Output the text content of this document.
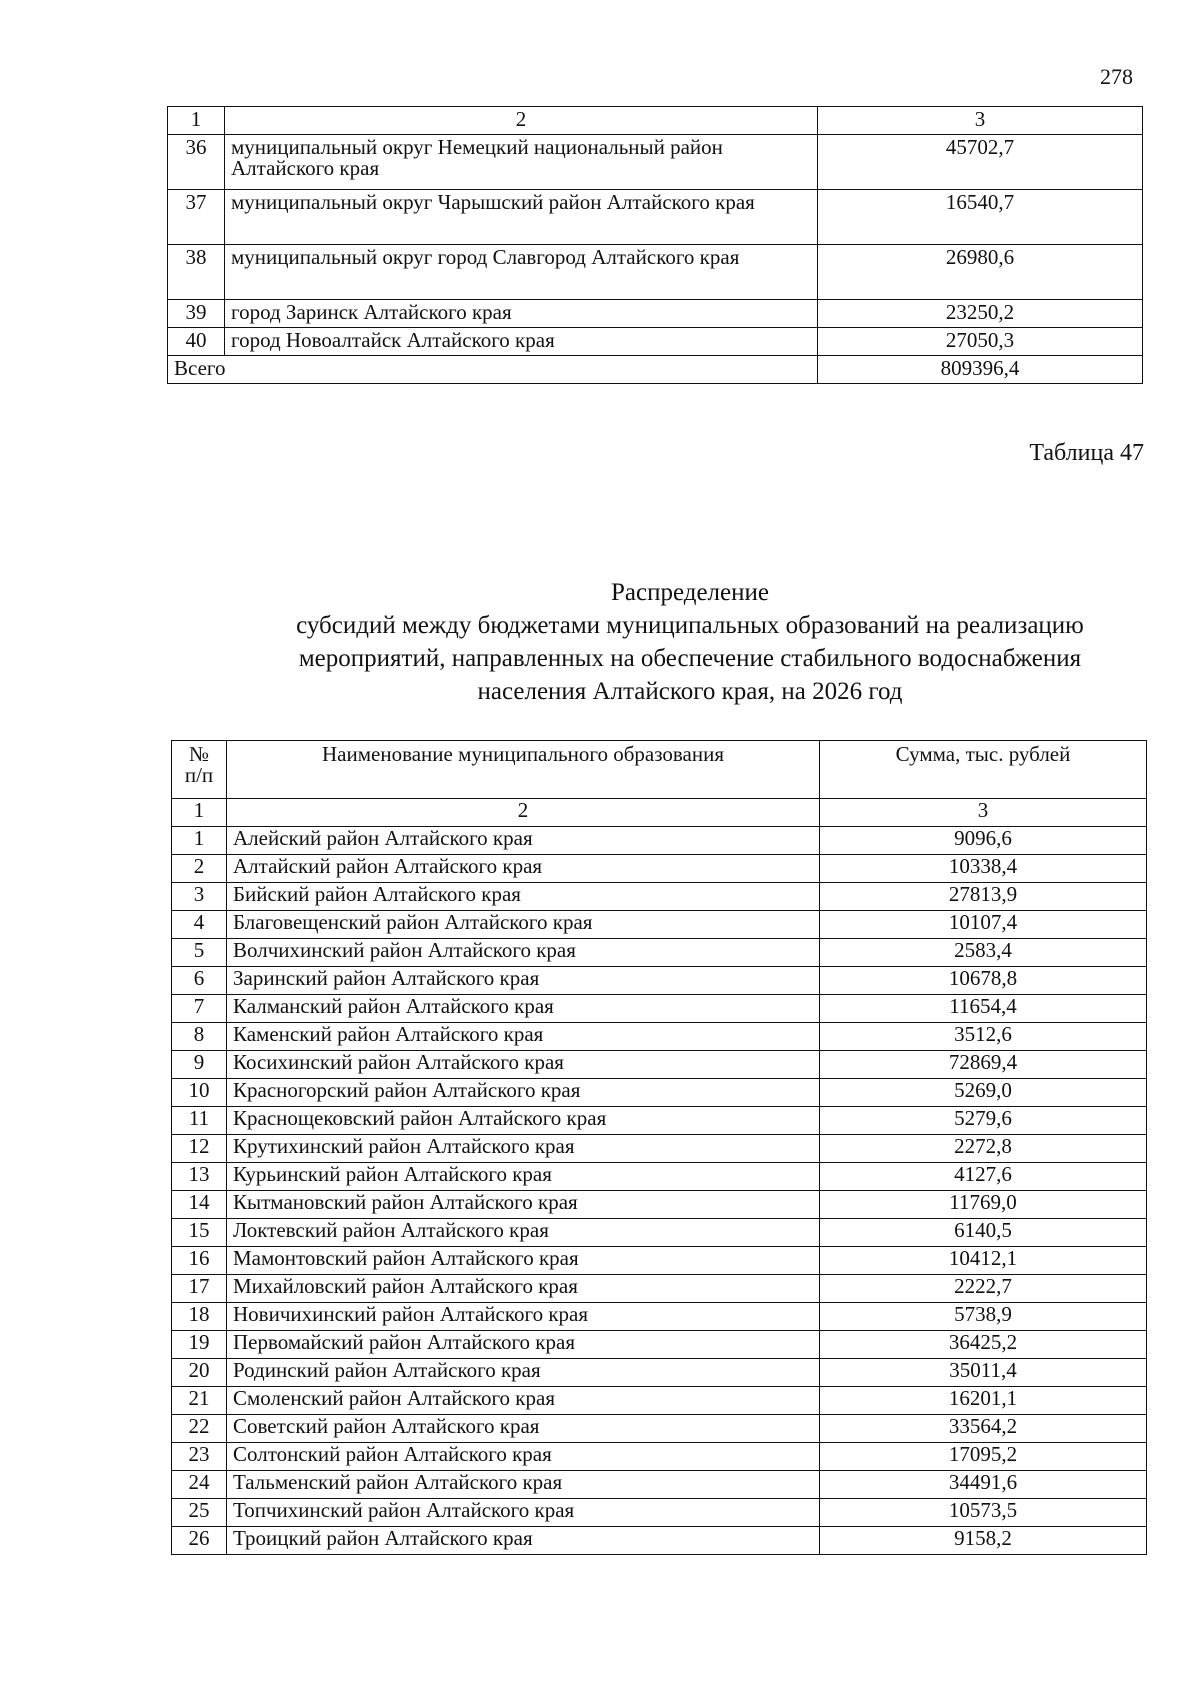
278
1	2	3
36	муниципальный округ Немецкий национальный район Алтайского края	45702,7
37	муниципальный округ Чарышский район Алтайского края	16540,7
38	муниципальный округ город Славгород Алтайского края	26980,6
39	город Заринск Алтайского края	23250,2
40	город Новоалтайск Алтайского края	27050,3
Всего		809396,4
Таблица 47
Распределение
субсидий между бюджетами муниципальных образований на реализацию
мероприятий, направленных на обеспечение стабильного водоснабжения
населения Алтайского края, на 2026 год
№ п/п	Наименование муниципального образования	Сумма, тыс. рублей
1	2	3
1	Алейский район Алтайского края	9096,6
2	Алтайский район Алтайского края	10338,4
3	Бийский район Алтайского края	27813,9
4	Благовещенский район Алтайского края	10107,4
5	Волчихинский район Алтайского края	2583,4
6	Заринский район Алтайского края	10678,8
7	Калманский район Алтайского края	11654,4
8	Каменский район Алтайского края	3512,6
9	Косихинский район Алтайского края	72869,4
10	Красногорский район Алтайского края	5269,0
11	Краснощековский район Алтайского края	5279,6
12	Крутихинский район Алтайского края	2272,8
13	Курьинский район Алтайского края	4127,6
14	Кытмановский район Алтайского края	11769,0
15	Локтевский район Алтайского края	6140,5
16	Мамонтовский район Алтайского края	10412,1
17	Михайловский район Алтайского края	2222,7
18	Новичихинский район Алтайского края	5738,9
19	Первомайский район Алтайского края	36425,2
20	Родинский район Алтайского края	35011,4
21	Смоленский район Алтайского края	16201,1
22	Советский район Алтайского края	33564,2
23	Солтонский район Алтайского края	17095,2
24	Тальменский район Алтайского края	34491,6
25	Топчихинский район Алтайского края	10573,5
26	Троицкий район Алтайского края	9158,2
